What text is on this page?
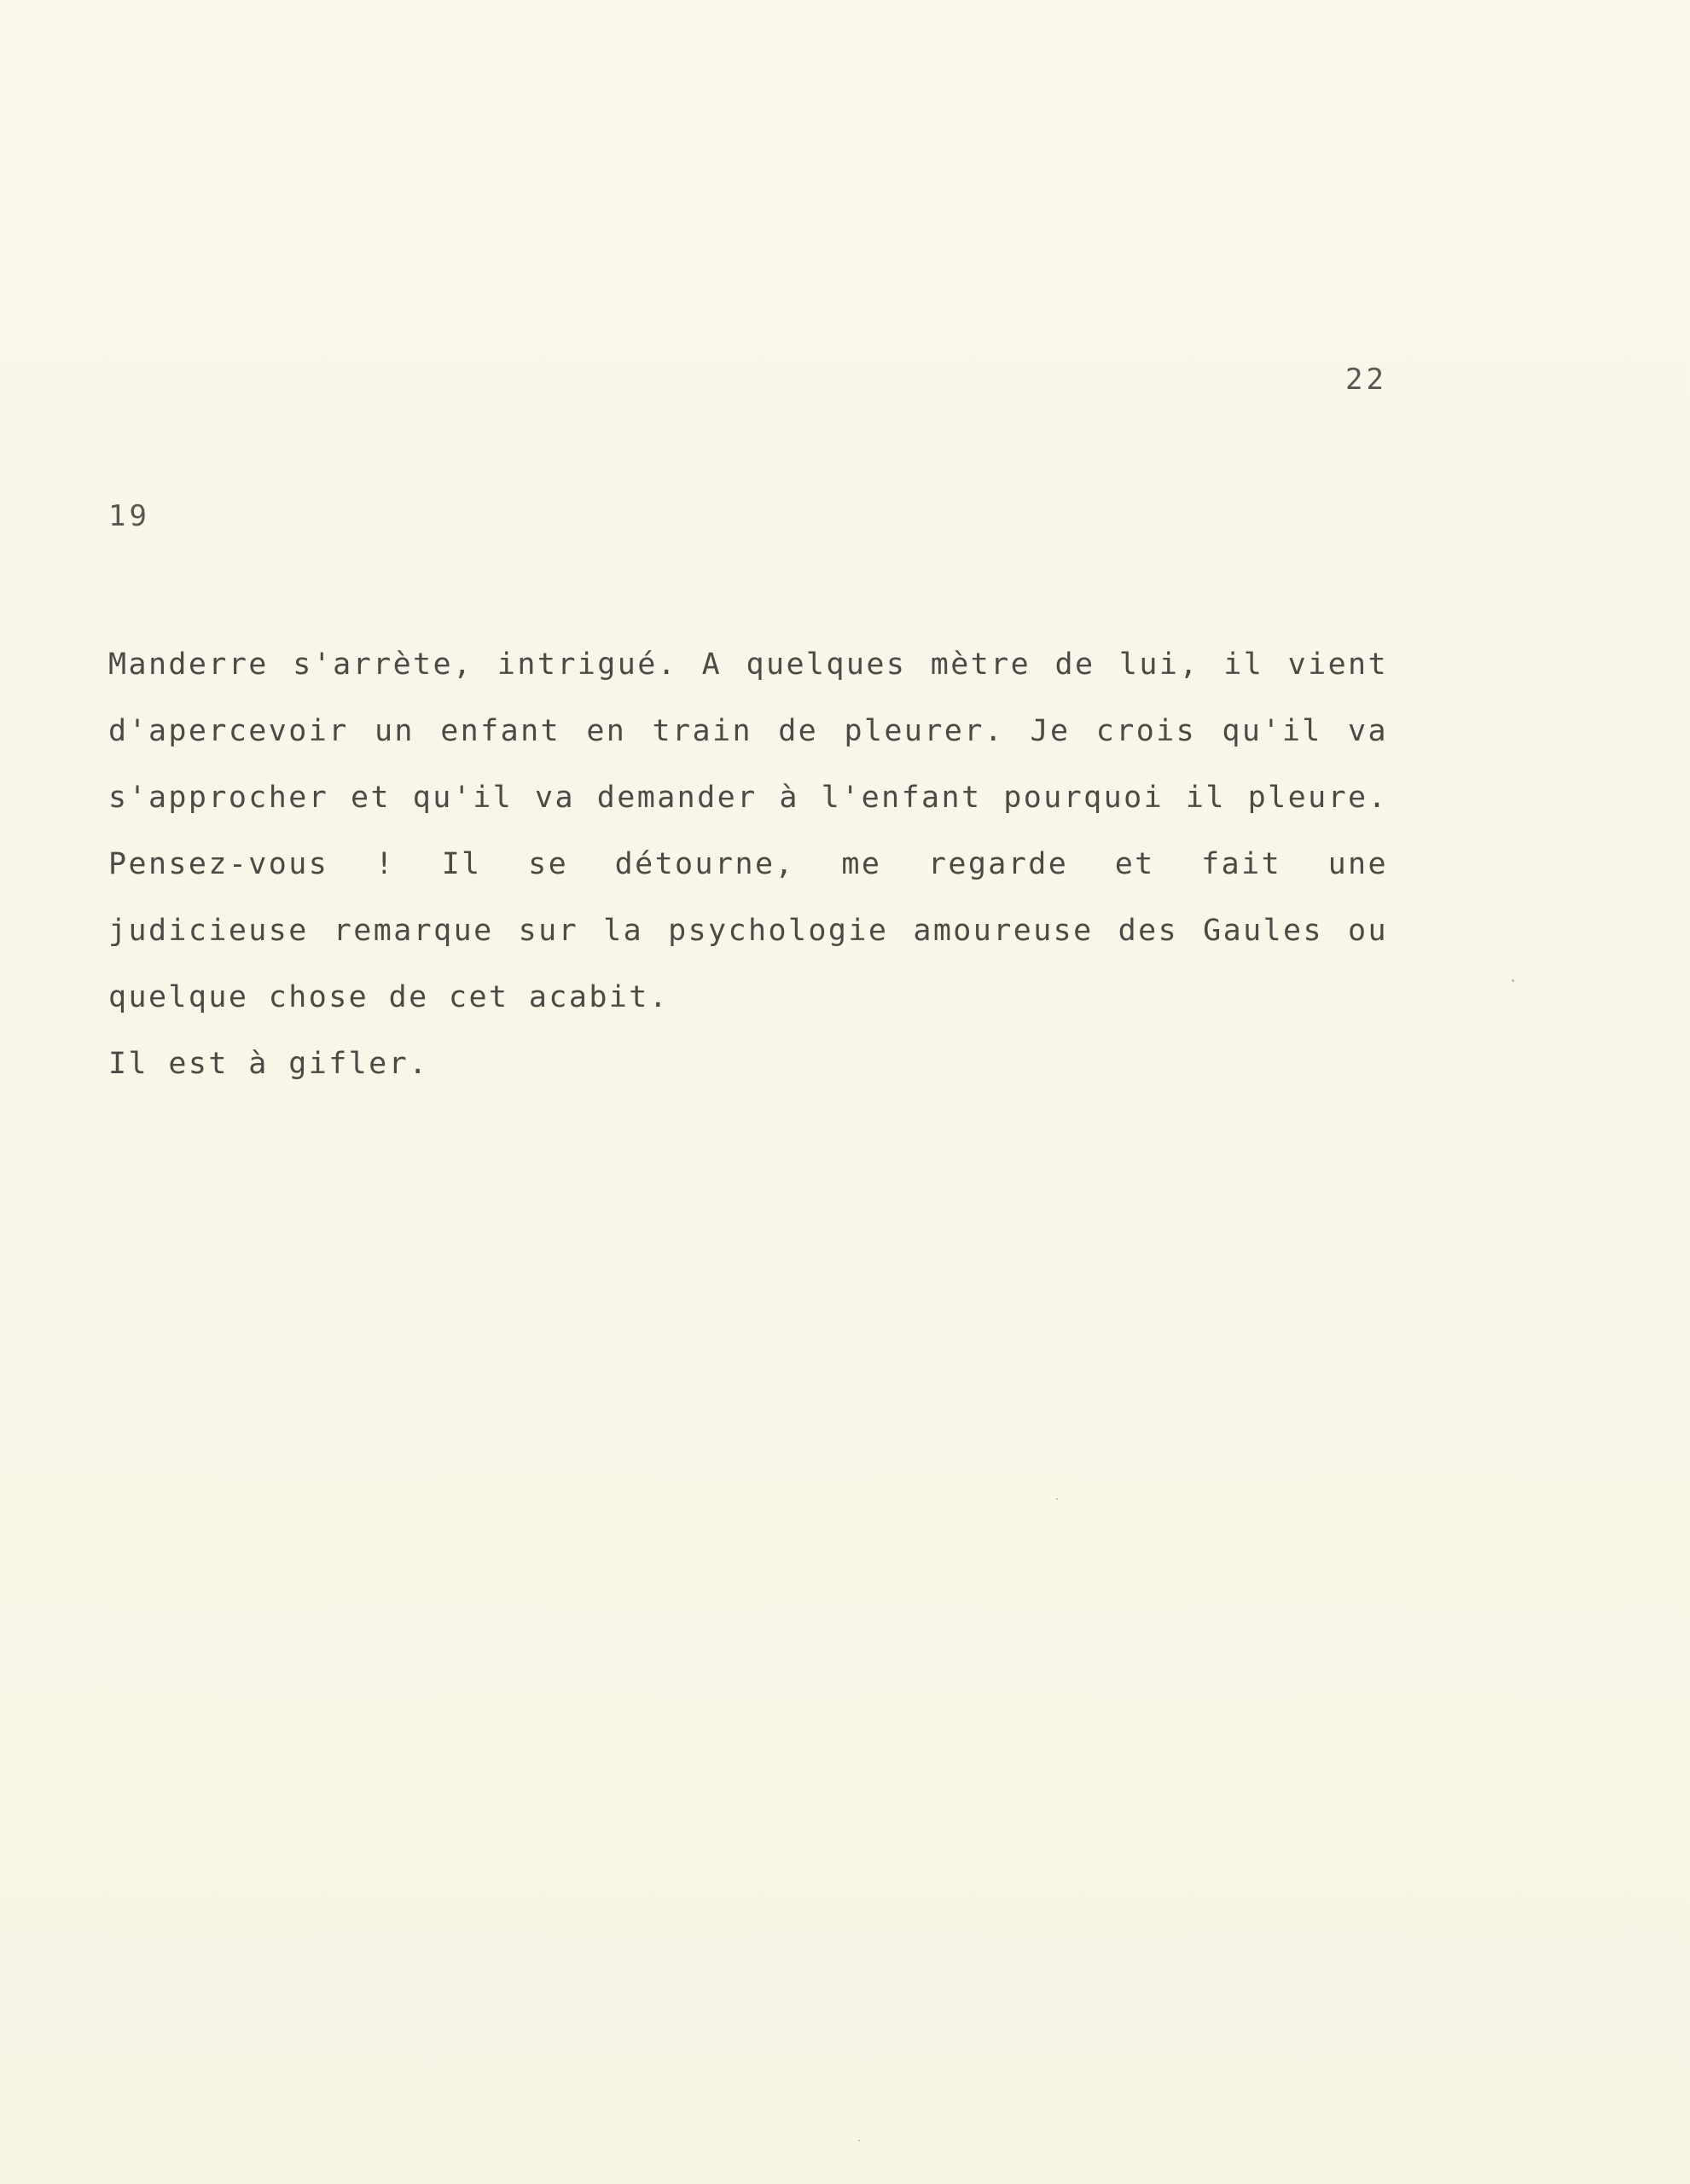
22
19
Manderre s'arrète, intrigué. A quelques mètre de lui, il vient
d'apercevoir un enfant en train de pleurer. Je crois qu'il va
s'approcher et qu'il va demander à l'enfant pourquoi il pleure.
Pensez-vous ! Il se détourne, me regarde et fait une
judicieuse remarque sur la psychologie amoureuse des Gaules ou
quelque chose de cet acabit.
Il est à gifler.
